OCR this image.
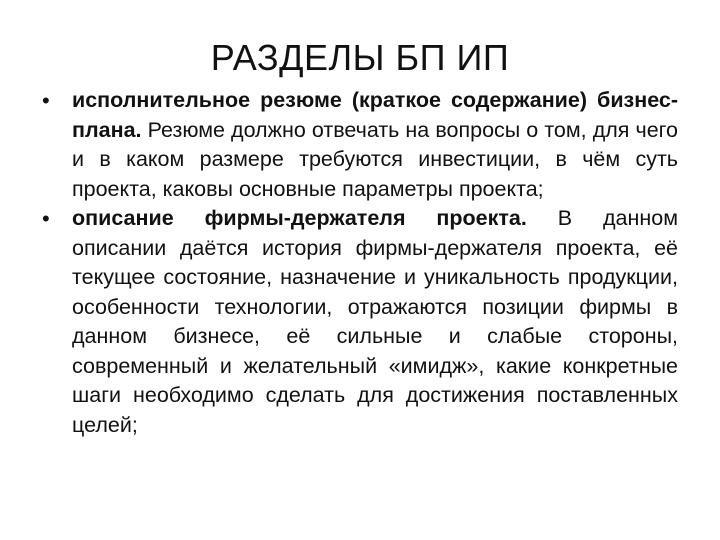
РАЗДЕЛЫ БП ИП
• исполнительное резюме (краткое содержание) бизнес-плана. Резюме должно отвечать на вопросы о том, для чего и в каком размере требуются инвестиции, в чём суть проекта, каковы основные параметры проекта;
• описание фирмы-держателя проекта. В данном описании даётся история фирмы-держателя проекта, её текущее состояние, назначение и уникальность продукции, особенности технологии, отражаются позиции фирмы в данном бизнесе, её сильные и слабые стороны, современный и желательный «имидж», какие конкретные шаги необходимо сделать для достижения поставленных целей;
